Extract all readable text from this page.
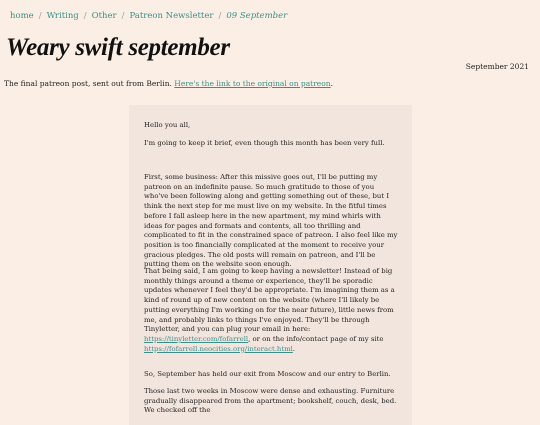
home / Writing / Other / Patreon Newsletter / 09 September
Weary swift september
September 2021
The final patreon post, sent out from Berlin. Here's the link to the original on patreon.

Hello you all,

I'm going to keep it brief, even though this month has been very full.

First, some business: After this missive goes out, I'll be putting my patreon on an indefinite pause. So much gratitude to those of you who've been following along and getting something out of these, but I think the next step for me must live on my website. In the fitful times before I fall asleep here in the new apartment, my mind whirls with ideas for pages and formats and contents, all too thrilling and complicated to fit in the constrained space of patreon. I also feel like my position is too financially complicated at the moment to receive your gracious pledges. The old posts will remain on patreon, and I'll be putting them on the website soon enough.

That being said, I am going to keep having a newsletter! Instead of big monthly things around a theme or experience, they'll be sporadic updates whenever I feel they'd be appropriate. I'm imagining them as a kind of round up of new content on the website (where I'll likely be putting everything I'm working on for the near future), little news from me, and probably links to things I've enjoyed. They'll be through Tinyletter, and you can plug your email in here: https://tinyletter.com/fofarrell, or on the info/contact page of my site https://fofarrell.neocities.org/interact.html.

So, September has held our exit from Moscow and our entry to Berlin.

Those last two weeks in Moscow were dense and exhausting. Furniture gradually disappeared from the apartment; bookshelf, couch, desk, bed. We checked off the
